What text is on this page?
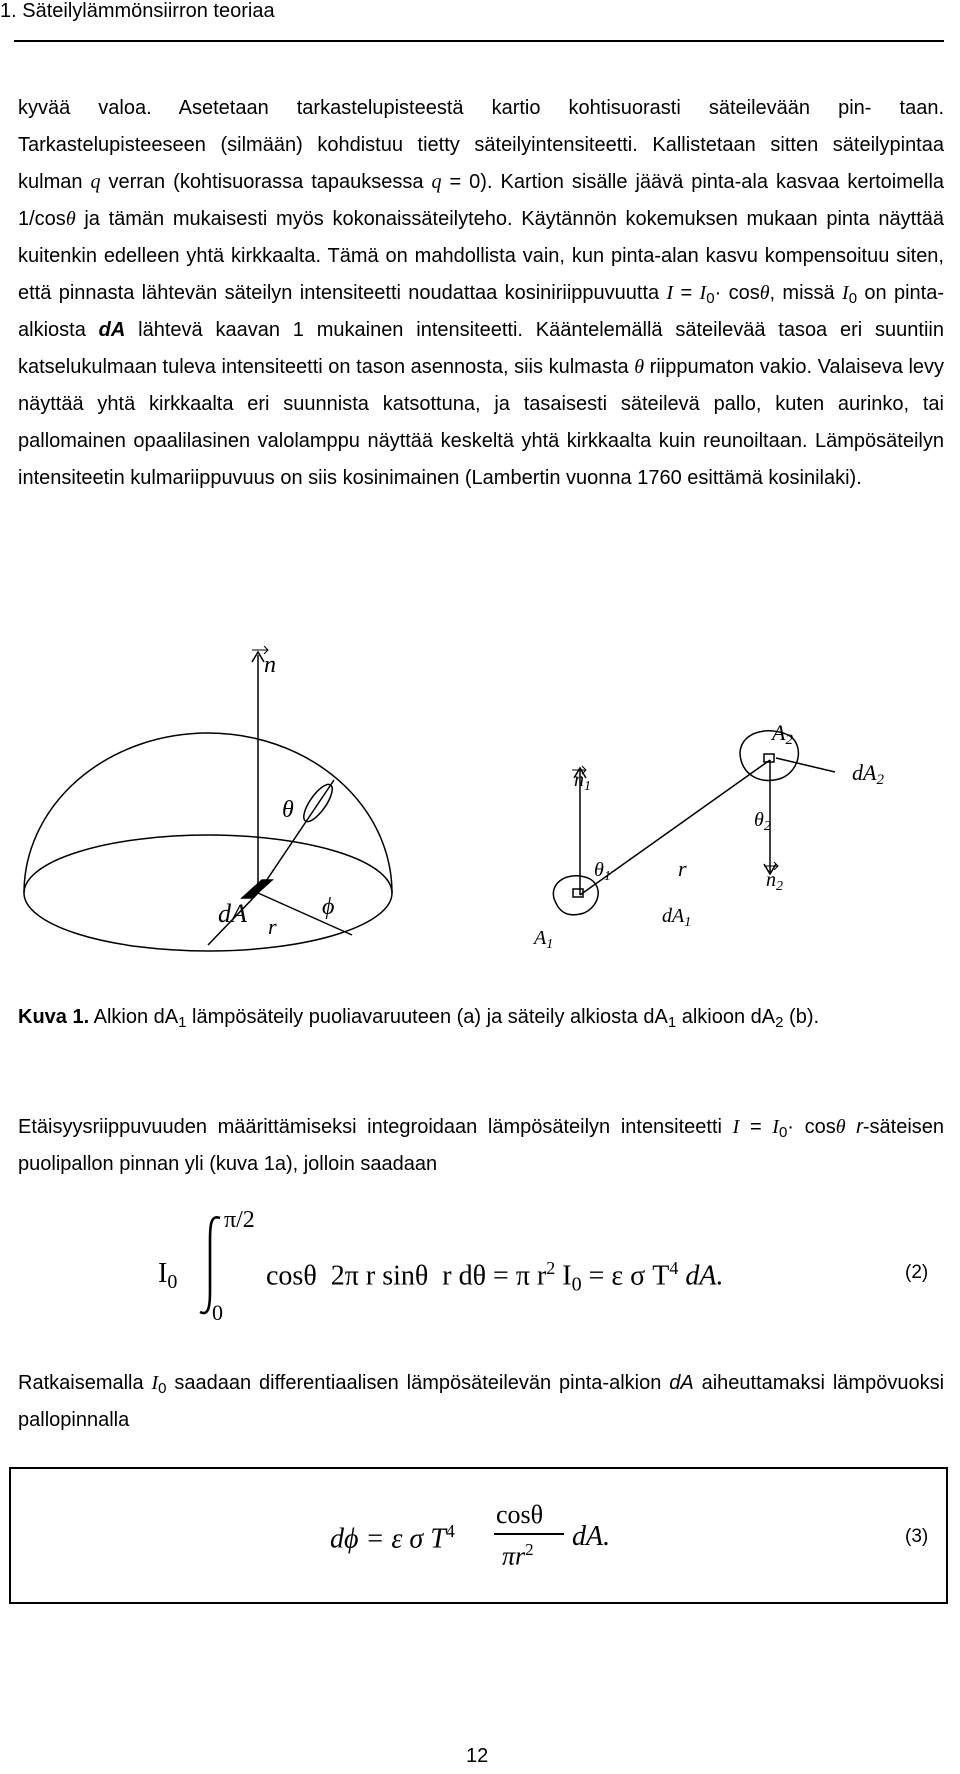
1. Säteilylämmönsiirron teoriaa
kyvää valoa. Asetetaan tarkastelupisteestä kartio kohtisuorasti säteilevään pin- taan. Tarkastelupisteeseen (silmään) kohdistuu tietty säteilyintensiteetti. Kallistetaan sitten säteilypintaa kulman q verran (kohtisuorassa tapauksessa q = 0). Kartion sisälle jäävä pinta-ala kasvaa kertoimella 1/cosθ ja tämän mukaisesti myös kokonaissäteilyteho. Käytännön kokemuksen mukaan pinta näyttää kuitenkin edelleen yhtä kirkkaalta. Tämä on mahdollista vain, kun pinta-alan kasvu kompensoituu siten, että pinnasta lähtevän säteilyn intensiteetti noudattaa kosiniriippuvuutta $I = I_0\cdot \cos\theta$, missä $I_0$ on pinta-alkiosta dA lähtevä kaavan 1 mukainen intensiteetti. Kääntelemällä säteilevää tasoa eri suuntiin katselukulmaan tuleva intensiteetti on tason asennosta, siis kulmasta θ riippumaton vakio. Valaiseva levy näyttää yhtä kirkkaalta eri suunnista katsottuna, ja tasaisesti säteilevä pallo, kuten aurinko, tai pallomainen opaalilasinen valolamppu näyttää keskeltä yhtä kirkkaalta kuin reunoiltaan. Lämpösäteilyn intensiteetin kulmariippuvuus on siis kosinimainen (Lambertin vuonna 1760 esittämä kosinilaki).
n
θ
dA r
ϕ
A2
dA2
$n_1$
$\theta_2$
$n_2$
$\theta_1$	r
$dA_1$
$A_1$
Kuva 1. Alkion $dA_1$ lämpösäteily puoliavaruuteen (a) ja säteily alkiosta $dA_1$ alkioon $dA_2$ (b).
Etäisyysriippuvuuden määrittämiseksi integroidaan lämpösäteilyn intensiteetti $I = I_0\cdot \cos\theta$ r-säteisen puolipallon pinnan yli (kuva 1a), jolloin saadaan
$I_0$
π/2
0
cosθ  2π r sinθ  r dθ = π $r^2$ $I_0 = \varepsilon$ σ $T^4$ dA.	(2)
Ratkaisemalla $I_0$ saadaan differentiaalisen lämpösäteilevän pinta-alkion dA aiheuttamaksi lämpövuoksi pallopinnalla
dϕ = ε σ $T^4$
cosθ
$\pi r^2$ dA.	(3)
12
